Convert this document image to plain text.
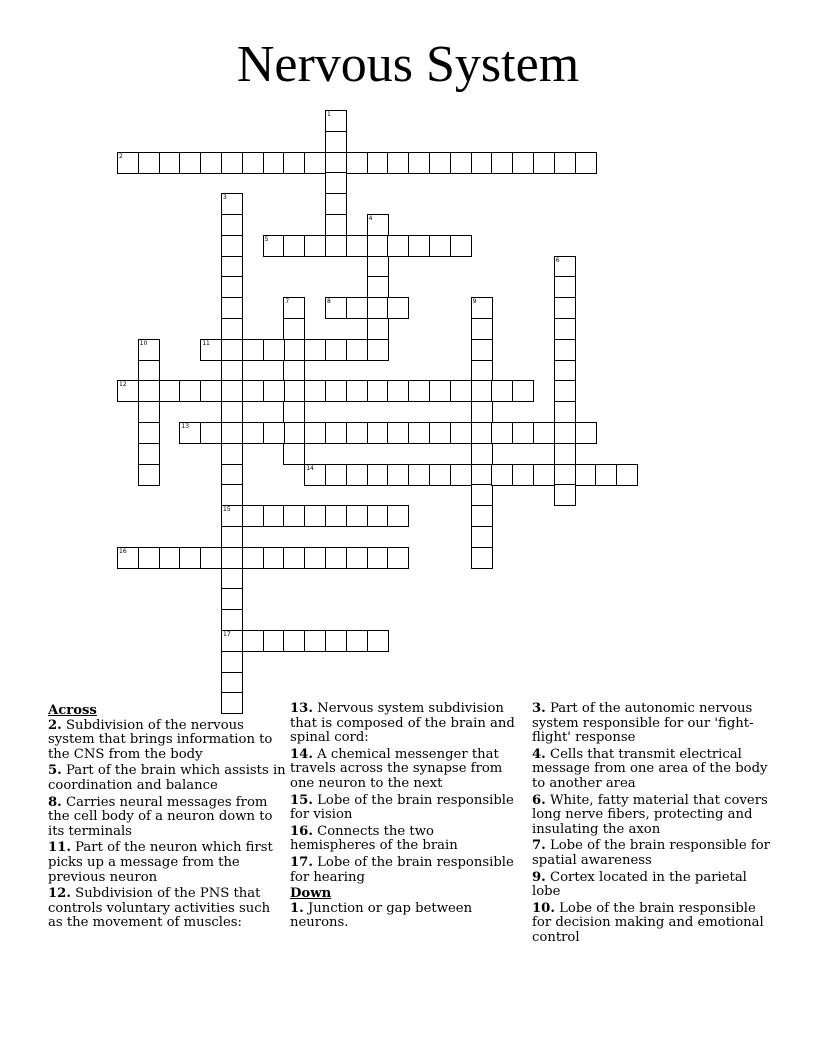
Nervous System
1
2
3
15
17
4
5
6
7	8	9
10	11
12
13
14
16
Across
2. Subdivision of the nervous system that brings information to the CNS from the body
5. Part of the brain which assists in coordination and balance
8. Carries neural messages from the cell body of a neuron down to its terminals
11. Part of the neuron which first picks up a message from the previous neuron
12. Subdivision of the PNS that controls voluntary activities such as the movement of muscles:
13. Nervous system subdivision that is composed of the brain and spinal cord:
14. A chemical messenger that travels across the synapse from one neuron to the next
15. Lobe of the brain responsible for vision
16. Connects the two hemispheres of the brain
17. Lobe of the brain responsible for hearing
Down
1. Junction or gap between neurons.
3. Part of the autonomic nervous system responsible for our 'fight-flight' response
4. Cells that transmit electrical message from one area of the body to another area
6. White, fatty material that covers long nerve fibers, protecting and insulating the axon
7. Lobe of the brain responsible for spatial awareness
9. Cortex located in the parietal lobe
10. Lobe of the brain responsible for decision making and emotional control
